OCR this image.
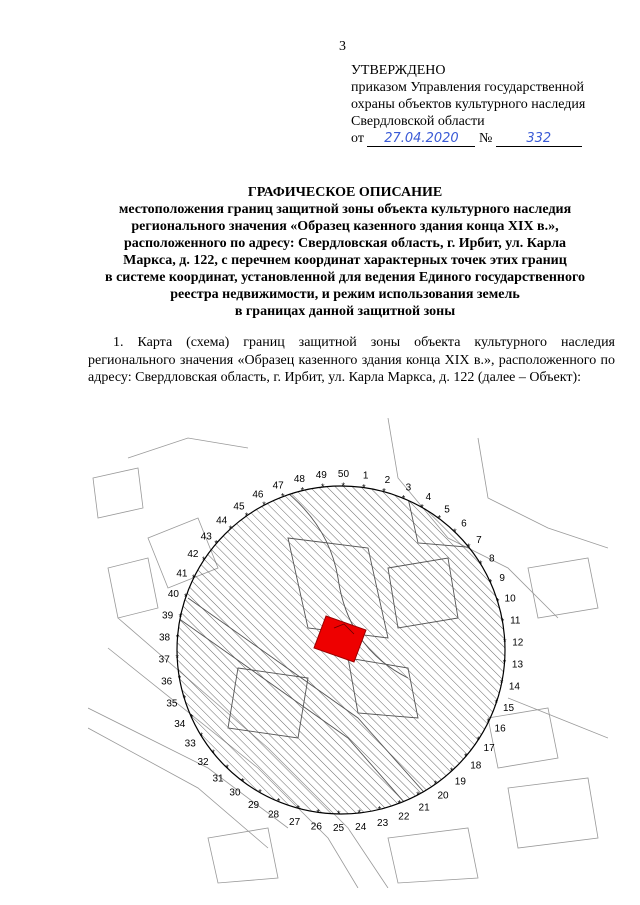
3
УТВЕРЖДЕНО
приказом Управления государственной
охраны объектов культурного наследия
Свердловской области
от 27.04.2020 №	332
ГРАФИЧЕСКОЕ ОПИСАНИЕ
местоположения границ защитной зоны объекта культурного наследия
регионального значения «Образец казенного здания конца XIX в.»,
расположенного по адресу: Свердловская область, г. Ирбит, ул. Карла
Маркса, д. 122, с перечнем координат характерных точек этих границ
в системе координат, установленной для ведения Единого государственного
реестра недвижимости, и режим использования земель
в границах данной защитной зоны
1. Карта (схема) границ защитной зоны объекта культурного наследия регионального значения «Образец казенного здания конца XIX в.», расположенного по адресу: Свердловская область, г. Ирбит, ул. Карла Маркса, д. 122 (далее – Объект):
*
1
*
2
*
3
*
4
*
5
*
6
*
7
* 8
* 9
* 10
* 11
* 12
* 13
* 14
*
15
*
16
*
17
*
18
*
19
*
20
*
21
*
22
*
23
*
24
*
25
*
26
*
27
*
28
*
29
*
30
*
31
*
32
*
33
*
34
*
35
*
36
*
37
*
38
*
39
*
40
*
41
*
42
*
43
*
44 *
45 *
46 *
47 *
48
*
49
*
50
